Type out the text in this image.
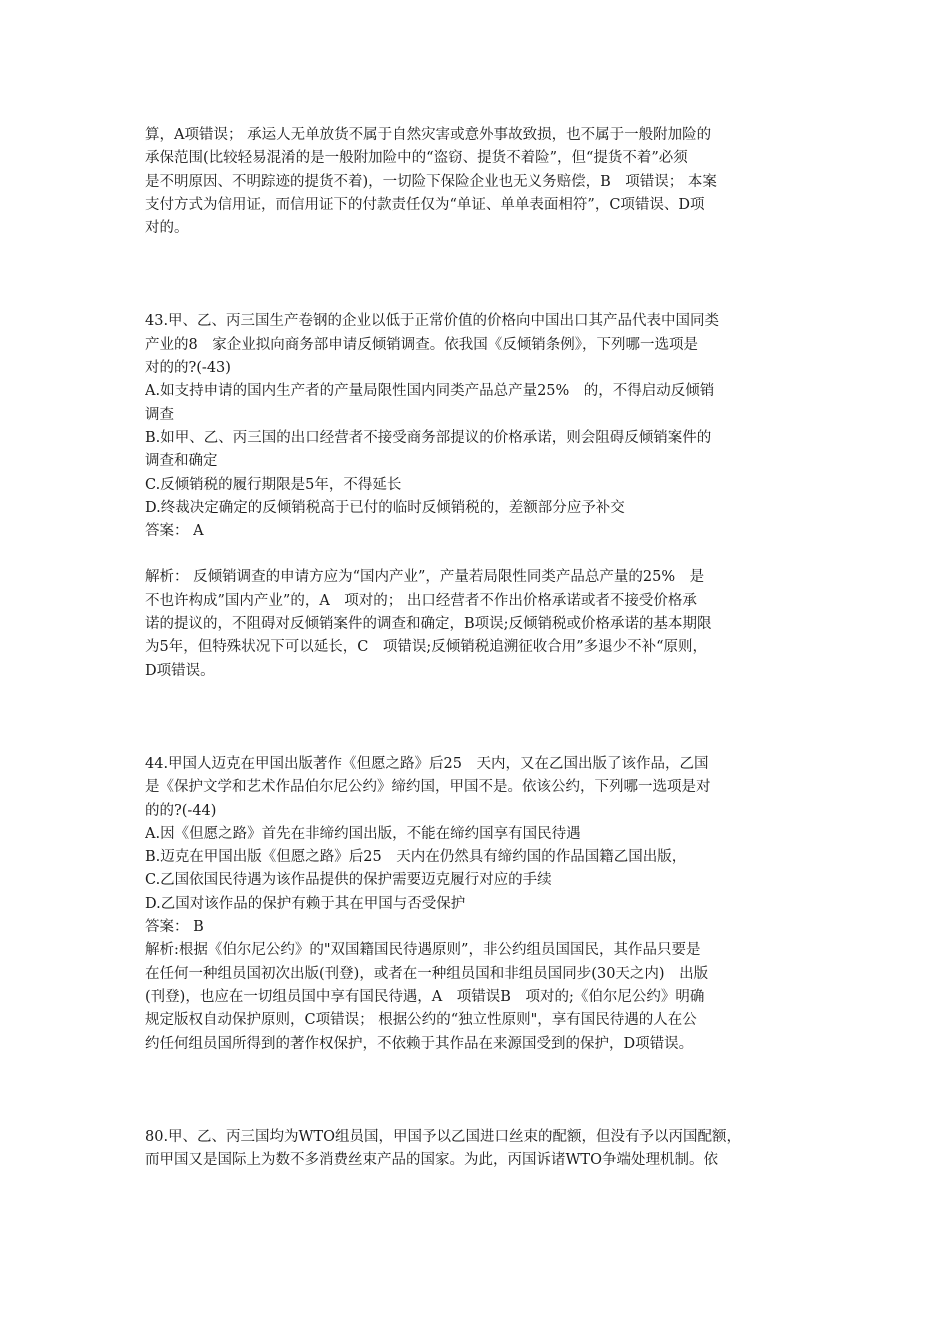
算，A项错误； 承运人无单放货不属于自然灾害或意外事故致损，也不属于一般附加险的
承保范围(比较轻易混淆的是一般附加险中的“盗窃、提货不着险”，但“提货不着”必须
是不明原因、不明踪迹的提货不着)，一切险下保险企业也无义务赔偿，B　项错误； 本案
支付方式为信用证，而信用证下的付款责任仅为“单证、单单表面相符”，C项错误、D项
对的。
43.甲、乙、丙三国生产卷钢的企业以低于正常价值的价格向中国出口其产品代表中国同类
产业的8　家企业拟向商务部申请反倾销调查。依我国《反倾销条例》，下列哪一选项是
对的的?(-43)
A.如支持申请的国内生产者的产量局限性国内同类产品总产量25%　的，不得启动反倾销
调查
B.如甲、乙、丙三国的出口经营者不接受商务部提议的价格承诺，则会阻碍反倾销案件的
调查和确定
C.反倾销税的履行期限是5年，不得延长
D.终裁决定确定的反倾销税高于已付的临时反倾销税的，差额部分应予补交
答案： A
解析： 反倾销调查的申请方应为“国内产业”，产量若局限性同类产品总产量的25%　是
不也许构成”国内产业”的，A　项对的； 出口经营者不作出价格承诺或者不接受价格承
诺的提议的，不阻碍对反倾销案件的调查和确定，B项误;反倾销税或价格承诺的基本期限
为5年，但特殊状况下可以延长，C　项错误;反倾销税追溯征收合用”多退少不补“原则，
D项错误。
44.甲国人迈克在甲国出版著作《但愿之路》后25　天内，又在乙国出版了该作品，乙国
是《保护文学和艺术作品伯尔尼公约》缔约国，甲国不是。依该公约，下列哪一选项是对
的的?(-44)
A.因《但愿之路》首先在非缔约国出版，不能在缔约国享有国民待遇
B.迈克在甲国出版《但愿之路》后25　天内在仍然具有缔约国的作品国籍乙国出版，
C.乙国依国民待遇为该作品提供的保护需要迈克履行对应的手续
D.乙国对该作品的保护有赖于其在甲国与否受保护
答案： B
解析:根据《伯尔尼公约》的"双国籍国民待遇原则”，非公约组员国国民，其作品只要是
在任何一种组员国初次出版(刊登)，或者在一种组员国和非组员国同步(30天之内)　出版
(刊登)，也应在一切组员国中享有国民待遇，A　项错误B　项对的;《伯尔尼公约》明确
规定版权自动保护原则，C项错误； 根据公约的“独立性原则"，享有国民待遇的人在公
约任何组员国所得到的著作权保护，不依赖于其作品在来源国受到的保护，D项错误。
80.甲、乙、丙三国均为WTO组员国，甲国予以乙国进口丝束的配额，但没有予以丙国配额，
而甲国又是国际上为数不多消费丝束产品的国家。为此，丙国诉诸WTO争端处理机制。依
